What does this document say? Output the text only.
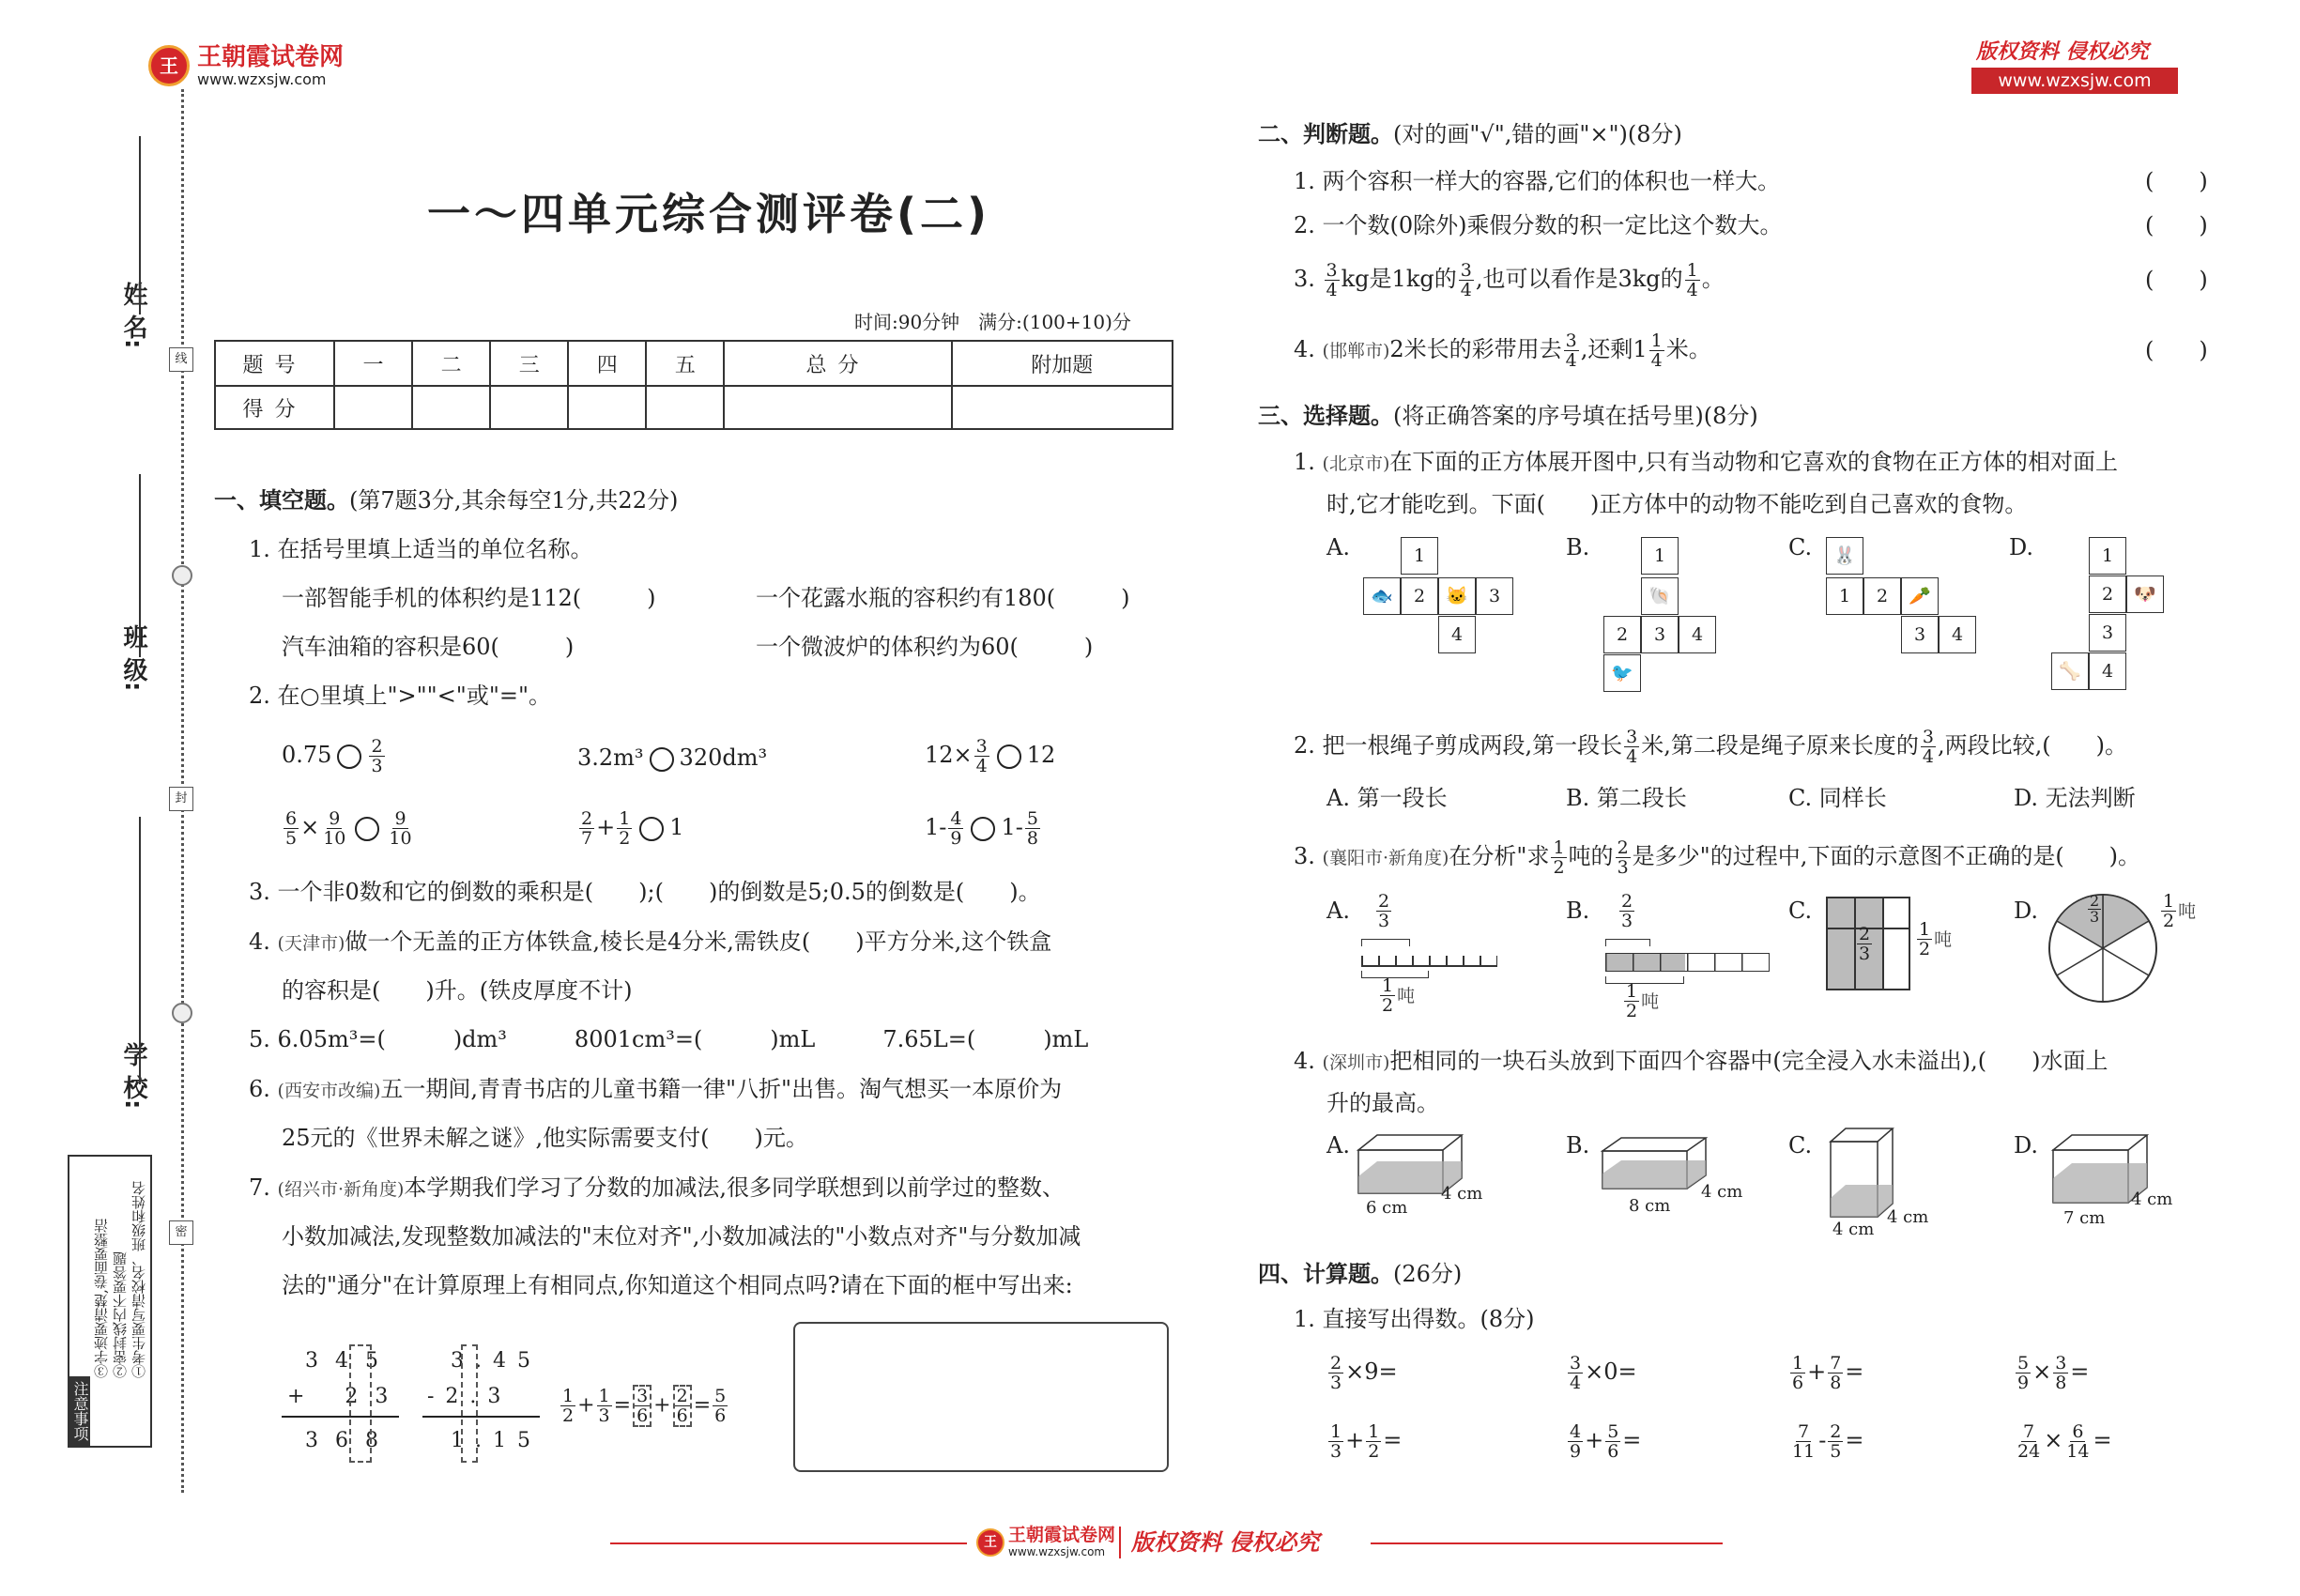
王 王朝霞试卷网
www.wzxsjw.com
版权资料 侵权必究
www.wzxsjw.com
线
封
密
姓 名:
班 级:
学 校:
注意事项
①考生要写清校名、班级和姓名
②密封线内不要答题
③字迹要清楚,卷面要整洁
一～四单元综合测评卷(二)
时间:90分钟　满分:(100+10)分
题号	一	二	三	四	五	总分	附加题
得分							
一、填空题。(第7题3分,其余每空1分,共22分)
1. 在括号里填上适当的单位名称。
一部智能手机的体积约是112(	)	一个花露水瓶的容积约有180(	)
汽车油箱的容积是60(	)	一个微波炉的体积约为60(	)
2. 在○里填上">""<"或"="。
$0.75 \frac{2}{3}$	3.2m³ 320dm³	$12\times \frac{3}{4} 12$
$\frac{6}{5} \times \frac{9}{10} \frac{9}{10}$	$\frac{2}{7} + \frac{1}{2} 1$	$1- \frac{4}{9} 1- \frac{5}{8}$
3. 一个非0数和它的倒数的乘积是(　　);(　　)的倒数是5;0.5的倒数是(　　)。
4. (天津市)做一个无盖的正方体铁盒,棱长是4分米,需铁皮(　　)平方分米,这个铁盒
的容积是(　　)升。(铁皮厚度不计)
5. 6.05m³=(　　　)dm³　　　8001cm³=(　　　)mL　　　7.65L=(　　　)mL
6. (西安市改编)五一期间,青青书店的儿童书籍一律"八折"出售。淘气想买一本原价为
25元的《世界未解之谜》,他实际需要支付(　　)元。
7. (绍兴市·新角度)本学期我们学习了分数的加减法,很多同学联想到以前学过的整数、
小数加减法,发现整数加减法的"末位对齐",小数加减法的"小数点对齐"与分数加减
法的"通分"在计算原理上有相同点,你知道这个相同点吗?请在下面的框中写出来:
345
+ 23
368
3.45
-2.3
1.15
$\frac{1}{2} + \frac{1}{3} = \frac{3}{6} + \frac{2}{6} = \frac{5}{6}$
二、判断题。(对的画"√",错的画"×")(8分)
1. 两个容积一样大的容器,它们的体积也一样大。	(　　)
2. 一个数(0除外)乘假分数的积一定比这个数大。	(　　)
3. $\frac{3}{4}$ kg是1kg的 $\frac{3}{4}$ ,也可以看作是3kg的 $\frac{1}{4}$ 。	(　　)
4. (邯郸市)2米长的彩带用去 $\frac{3}{4}$ ,还剩$1 \frac{1}{4}$ 米。	(　　)
三、选择题。(将正确答案的序号填在括号里)(8分)
1. (北京市)在下面的正方体展开图中,只有当动物和它喜欢的食物在正方体的相对面上
时,它才能吃到。下面(　　)正方体中的动物不能吃到自己喜欢的食物。
A.	1
🐟	2	🐱	3
4
B.	1
🐚
2	3	4
🐦
C.	🐰
1	2	🥕
3	4
D.	1
2	🐶
3
🦴	4
2. 把一根绳子剪成两段,第一段长 $\frac{3}{4}$ 米,第二段是绳子原来长度的 $\frac{3}{4}$ ,两段比较,(　　)。
A. 第一段长	B. 第二段长	C. 同样长	D. 无法判断
3. (襄阳市·新角度)在分析"求 $\frac{1}{2}$ 吨的 $\frac{2}{3}$ 是多少"的过程中,下面的示意图不正确的是(　　)。
A. $\frac{2}{3}$
$\frac{1}{2}$ 吨
B. $\frac{2}{3}$
$\frac{1}{2}$ 吨
C.
$\frac{2}{3}$	$\frac{1}{2}$ 吨
D.	$\frac{2}{3}$	$\frac{1}{2}$ 吨
4. (深圳市)把相同的一块石头放到下面四个容器中(完全浸入水未溢出),(　　)水面上
升的最高。
A.
6 cm
4 cm
B.
8 cm
4 cm
C.
4 cm
4 cm
D.
7 cm
4 cm
四、计算题。(26分)
1. 直接写出得数。(8分)
$\frac{2}{3} \times 9=$	$\frac{3}{4} \times 0=$	$\frac{1}{6} + \frac{7}{8}$ =	$\frac{5}{9} \times \frac{3}{8}$ =
$\frac{1}{3} + \frac{1}{2}$ =	$\frac{4}{9} + \frac{5}{6}$ =	$\frac{7}{11} - \frac{2}{5}$ =	$\frac{7}{24} \times \frac{6}{14}$ =
王 王朝霞试卷网
www.wzxsjw.com 版权资料 侵权必究
